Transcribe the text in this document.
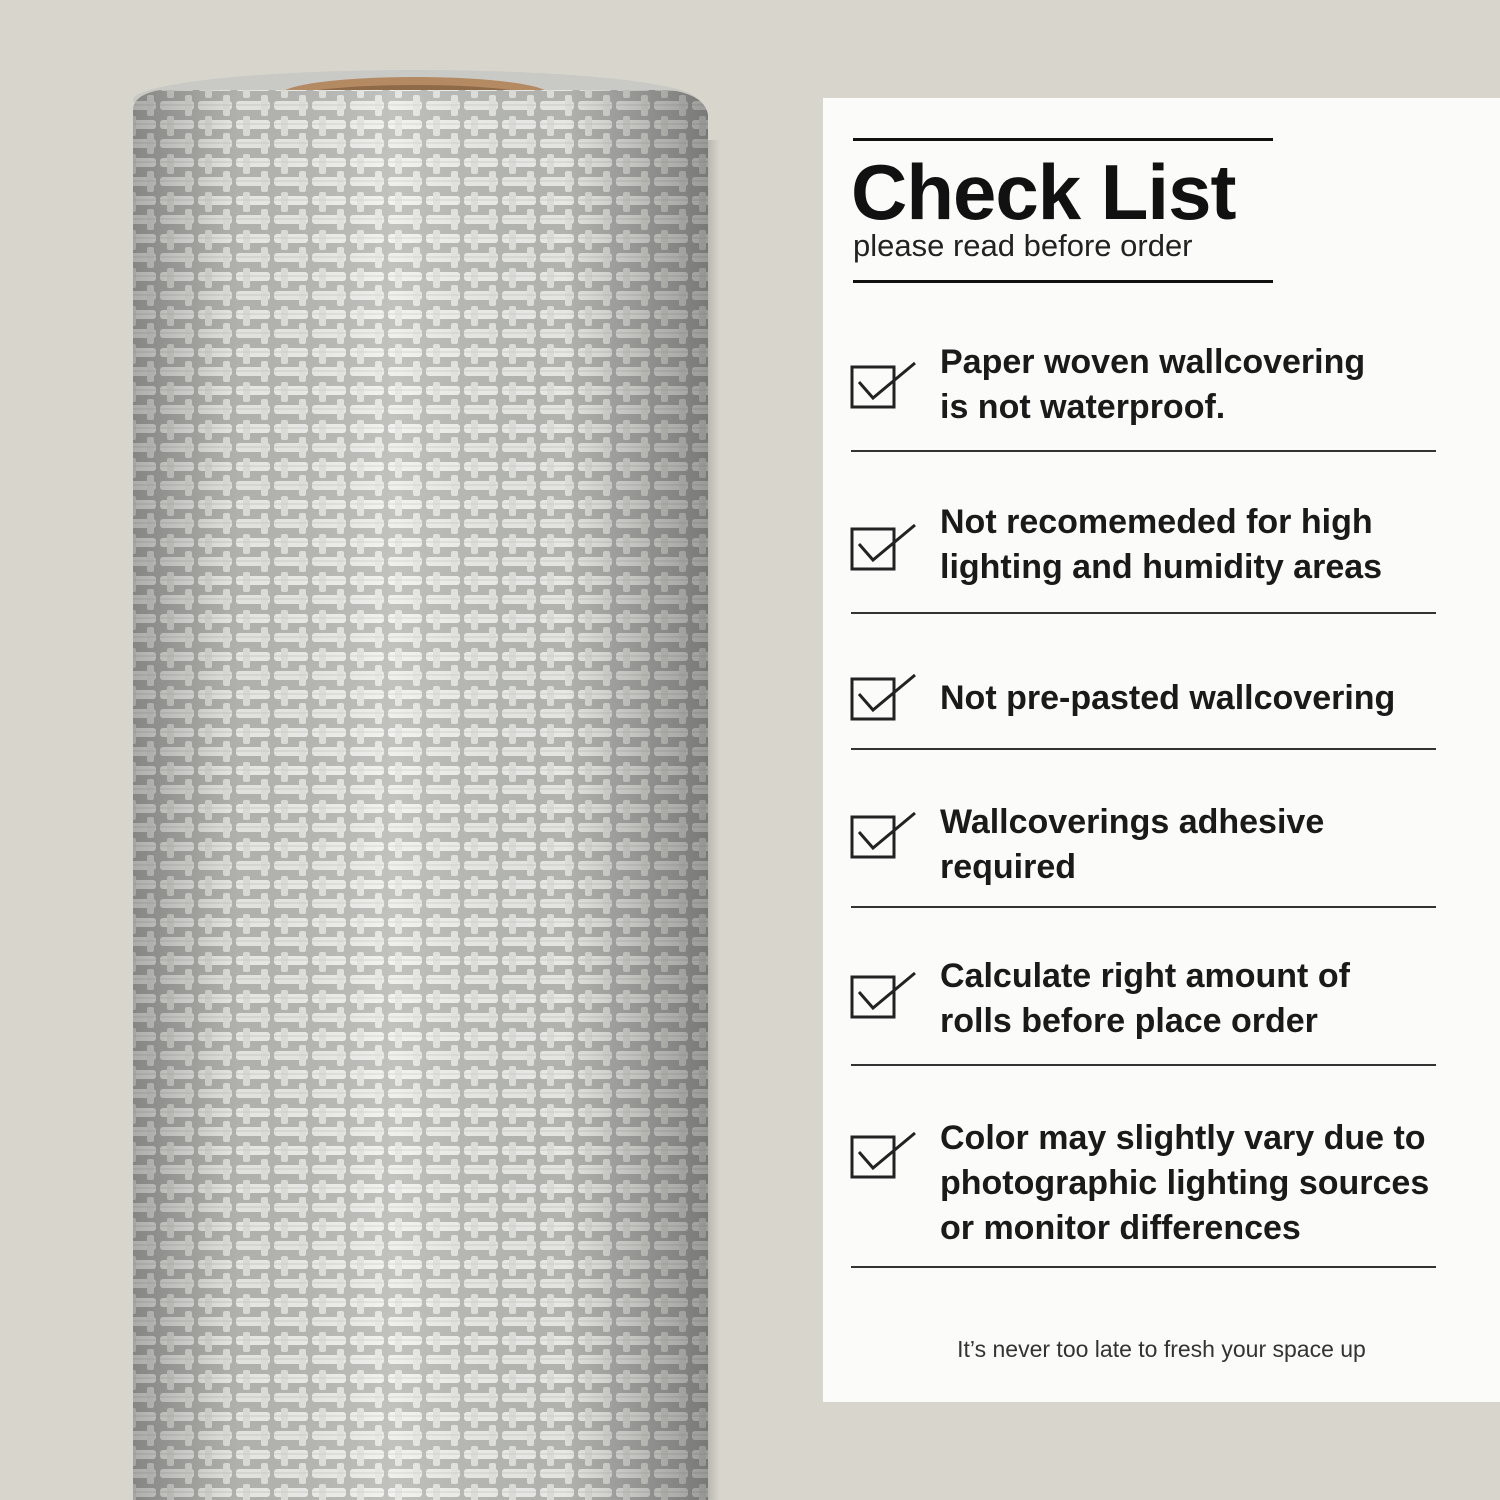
Check List
please read before order
Paper woven wallcovering
is not waterproof.
Not recomemeded for high
lighting and humidity areas
Not pre-pasted wallcovering
Wallcoverings adhesive
required
Calculate right amount of
rolls before place order
Color may slightly vary due to
photographic lighting sources
or monitor differences
It’s never too late to fresh your space up
